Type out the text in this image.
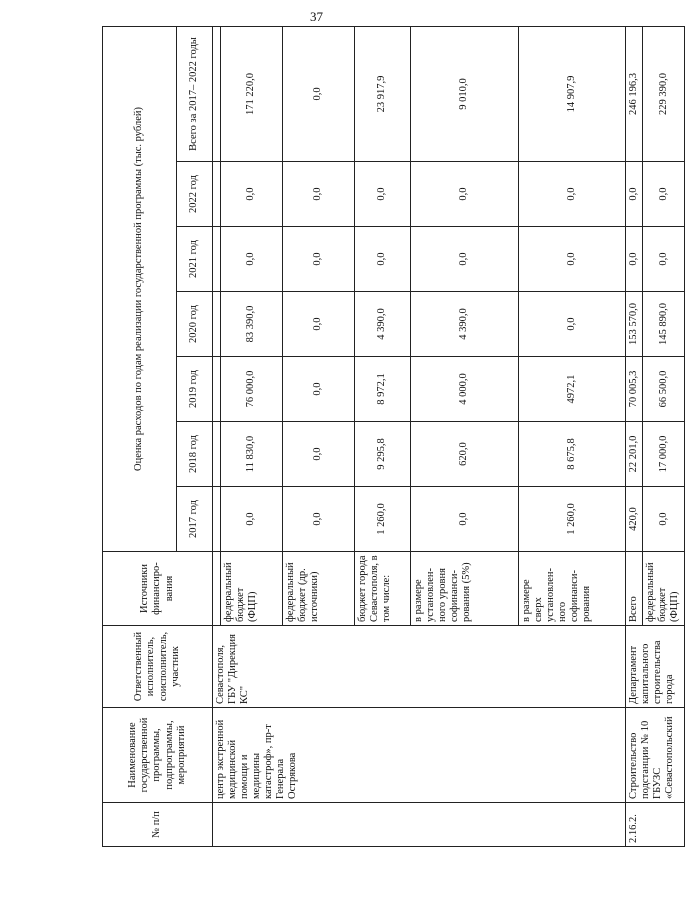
37
№ п/п	Наименование государственной программы, подпрограммы, мероприятий	Ответственный исполнитель, соисполнитель, участник	Источники финансиро- вания	Оценка расходов по годам реализации государственной программы (тыс. рублей)						
				2017 год	2018 год	2019 год	2020 год	2021 год	2022 год	Всего за 2017– 2022 годы
	центр экстренной медицинской помощи и медицины катастроф», пр-т Генерала Острякова	Севастополя, ГБУ "Дирекция КС"								
			федеральный бюджет (ФЦП)	0,0	11 830,0	76 000,0	83 390,0	0,0	0,0	171 220,0
			федеральный бюджет (др. источники)	0,0	0,0	0,0	0,0	0,0	0,0	0,0
			бюджет города Севастополя, в том числе:	1 260,0	9 295,8	8 972,1	4 390,0	0,0	0,0	23 917,9
			в размере установлен- ного уровня софинанси- рования (5%)	0,0	620,0	4 000,0	4 390,0	0,0	0,0	9 010,0
			в размере сверх установлен- ного софинанси- рования	1 260,0	8 675,8	4972,1	0,0	0,0	0,0	14 907,9
2.16.2.	Строительство подстанции № 10 ГБУЗС «Севастопольский	Департамент капитального строительства города	Всего	420,0	22 201,0	70 005,3	153 570,0	0,0	0,0	246 196,3
			федеральный бюджет (ФЦП)	0,0	17 000,0	66 500,0	145 890,0	0,0	0,0	229 390,0
